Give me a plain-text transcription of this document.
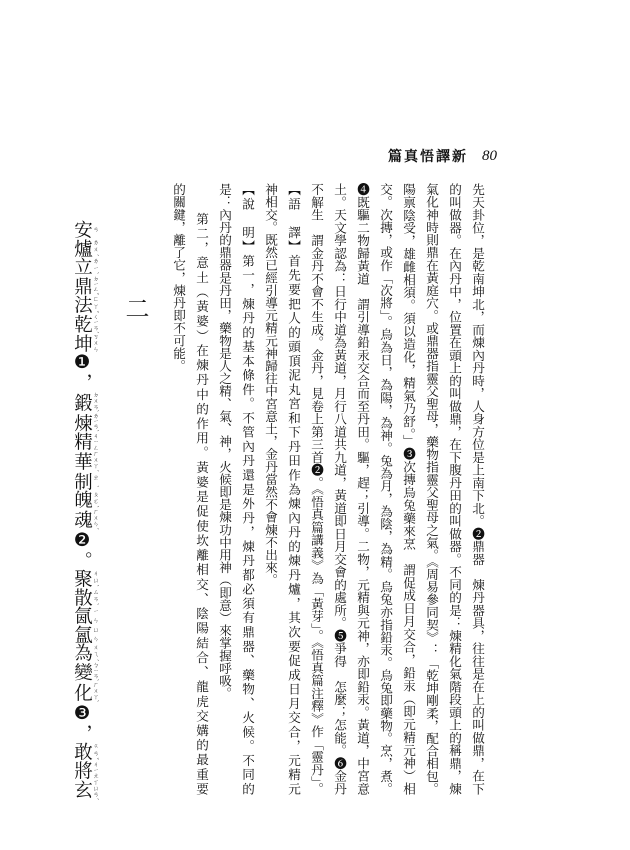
新譯悟真篇 80
先天卦位，是乾南坤北，而煉內丹時，人身方位是上南下北。❷鼎器　煉丹器具，往往是在上的叫做鼎，在下
的叫做器。在內丹中，位置在頭上的叫做鼎，在下腹丹田的叫做器。不同的是：煉精化氣階段頭上的稱鼎，煉
氣化神時則鼎在黃庭穴。或鼎器指靈父聖母，藥物指靈父聖母之氣。《周易參同契》：「乾坤剛柔，配合相包。
陽禀陰受，雄雌相須。須以造化，精氣乃舒。」❸次摶烏兔藥來烹　謂促成日月交合，鉛汞（即元精元神）相
交。次摶，或作「次將」。烏為日，為陽，為神。兔為月，為陰，為精。烏兔亦指鉛汞。烏兔即藥物。烹，煮。
❹既驅二物歸黃道　謂引導鉛汞交合而至丹田。驅，趕；引導。二物，元精與元神，亦即鉛汞。黃道，中宮意
土。天文學認為：日行中道為黃道，月行八道共九道，黃道即日月交會的處所。❺爭得　怎麼；怎能。❻金丹
不解生　謂金丹不會不生成。金丹，見卷上第三首❷。《悟真篇講義》為「黃芽」。《悟真篇注釋》作「靈丹」。
【語　譯】首先要把人的頭頂泥丸宮和下丹田作為煉內丹的煉丹爐，其次要促成日月交合，元精元
神相交。既然已經引導元精元神歸往中宮意土，金丹當然不會煉不出來。
【說　明】第一，煉丹的基本條件。不管內丹還是外丹，煉丹都必須有鼎器、藥物、火候。不同的
是：內丹的鼎器是丹田，藥物是人之精、氣、神，火候即是煉功中用神（即意）來掌握呼吸。
　　第二，意土（黃婆）在煉丹中的作用。黃婆是促使坎離相交、陰陽結合、龍虎交媾的最重要
的關鍵，離了它，煉丹即不可能。
二
安 ㄢ爐 ㄌㄨˊ立 ㄌㄧˋ鼎 ㄉㄧㄥˇ法 ㄈㄚˇ乾 ㄑㄧㄢˊ坤 ㄎㄨㄣ❶，鍛 ㄉㄨㄢˋ煉 ㄌㄧㄢˋ精 ㄐㄧㄥ華 ㄏㄨㄚˊ制 ㄓˋ魄 ㄆㄛˋ魂 ㄏㄨㄣˊ❷。聚 ㄐㄩˋ散 ㄙㄢˋ氤 ㄧㄣ氳 ㄩㄣ為 ㄨㄟˊ變 ㄅㄧㄢˋ化 ㄏㄨㄚˋ❸，敢 ㄍㄢˇ將 ㄐㄧㄤ玄 ㄒㄩㄢˊ
